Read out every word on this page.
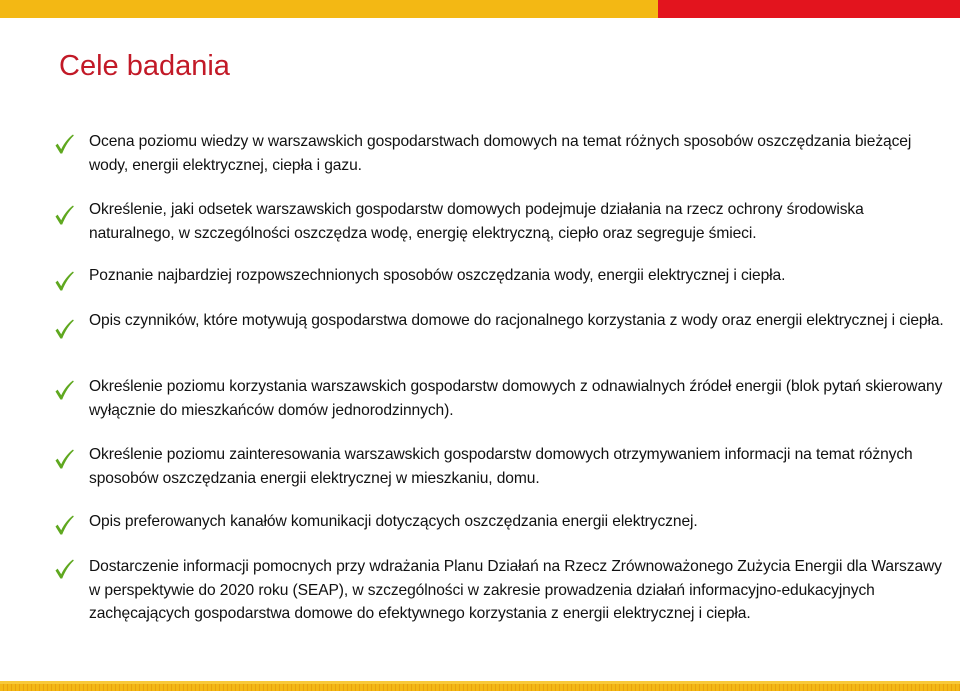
Cele badania
Ocena poziomu wiedzy w warszawskich gospodarstwach domowych na temat różnych sposobów oszczędzania bieżącej wody, energii elektrycznej, ciepła i gazu.
Określenie, jaki odsetek warszawskich gospodarstw domowych podejmuje działania na rzecz ochrony środowiska naturalnego, w szczególności oszczędza wodę, energię elektryczną, ciepło oraz segreguje śmieci.
Poznanie najbardziej rozpowszechnionych sposobów oszczędzania wody, energii elektrycznej i ciepła.
Opis czynników, które motywują gospodarstwa domowe do racjonalnego korzystania z wody oraz energii elektrycznej i ciepła.
Określenie poziomu korzystania warszawskich gospodarstw domowych z odnawialnych źródeł energii (blok pytań skierowany wyłącznie do mieszkańców domów jednorodzinnych).
Określenie poziomu zainteresowania warszawskich gospodarstw domowych otrzymywaniem informacji na temat różnych sposobów oszczędzania energii elektrycznej w mieszkaniu, domu.
Opis preferowanych kanałów komunikacji dotyczących oszczędzania energii elektrycznej.
Dostarczenie informacji pomocnych przy wdrażania Planu Działań na Rzecz Zrównoważonego Zużycia Energii dla Warszawy w perspektywie do 2020 roku (SEAP), w szczególności w zakresie prowadzenia działań informacyjno-edukacyjnych zachęcających gospodarstwa domowe do efektywnego korzystania z energii elektrycznej i ciepła.
